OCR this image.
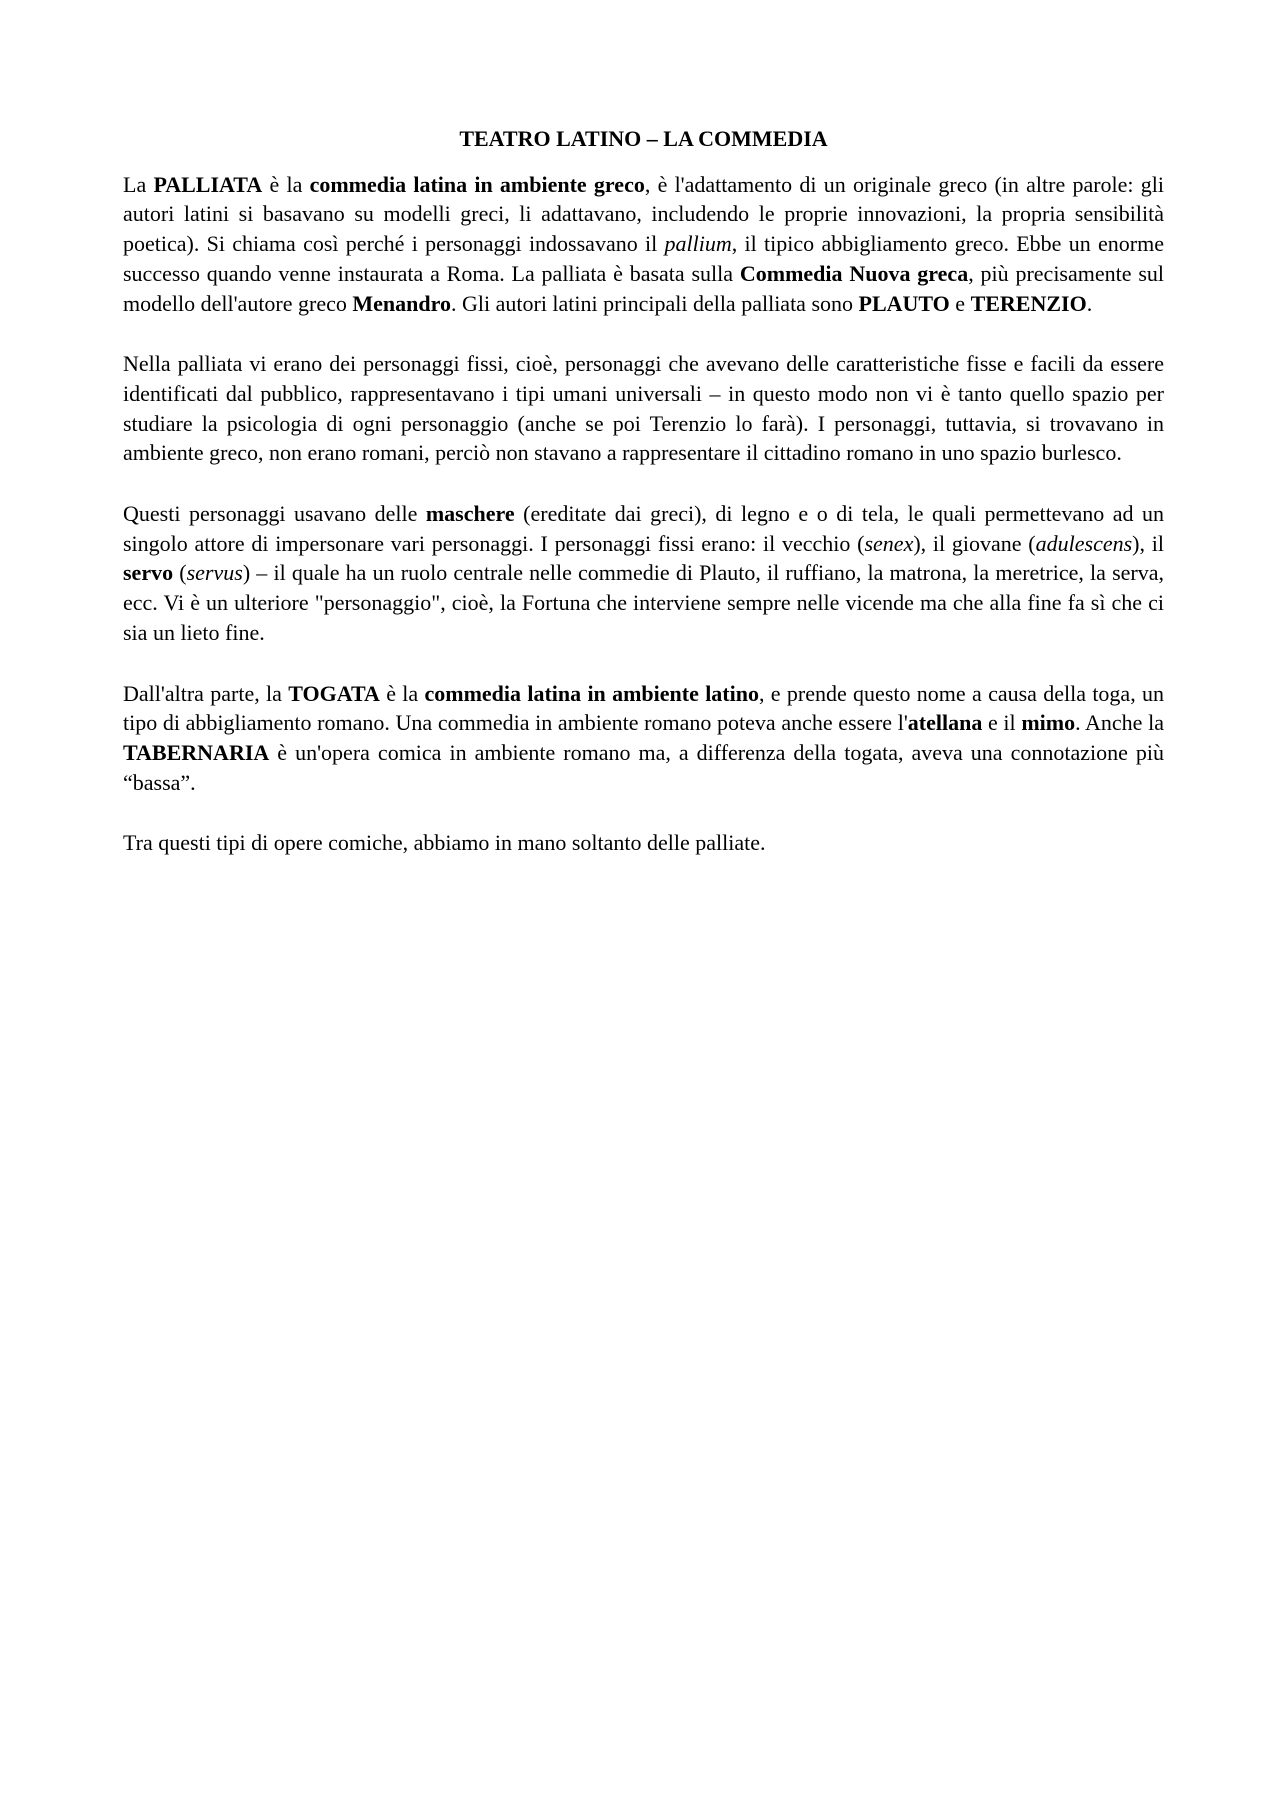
TEATRO LATINO – LA COMMEDIA

La PALLIATA è la commedia latina in ambiente greco, è l'adattamento di un originale greco (in altre parole: gli autori latini si basavano su modelli greci, li adattavano, includendo le proprie innovazioni, la propria sensibilità poetica). Si chiama così perché i personaggi indossavano il pallium, il tipico abbigliamento greco. Ebbe un enorme successo quando venne instaurata a Roma. La palliata è basata sulla Commedia Nuova greca, più precisamente sul modello dell'autore greco Menandro. Gli autori latini principali della palliata sono PLAUTO e TERENZIO.

Nella palliata vi erano dei personaggi fissi, cioè, personaggi che avevano delle caratteristiche fisse e facili da essere identificati dal pubblico, rappresentavano i tipi umani universali – in questo modo non vi è tanto quello spazio per studiare la psicologia di ogni personaggio (anche se poi Terenzio lo farà). I personaggi, tuttavia, si trovavano in ambiente greco, non erano romani, perciò non stavano a rappresentare il cittadino romano in uno spazio burlesco.

Questi personaggi usavano delle maschere (ereditate dai greci), di legno e o di tela, le quali permettevano ad un singolo attore di impersonare vari personaggi. I personaggi fissi erano: il vecchio (senex), il giovane (adulescens), il servo (servus) – il quale ha un ruolo centrale nelle commedie di Plauto, il ruffiano, la matrona, la meretrice, la serva, ecc. Vi è un ulteriore "personaggio", cioè, la Fortuna che interviene sempre nelle vicende ma che alla fine fa sì che ci sia un lieto fine.

Dall'altra parte, la TOGATA è la commedia latina in ambiente latino, e prende questo nome a causa della toga, un tipo di abbigliamento romano. Una commedia in ambiente romano poteva anche essere l'atellana e il mimo. Anche la TABERNARIA è un'opera comica in ambiente romano ma, a differenza della togata, aveva una connotazione più “bassa”.

Tra questi tipi di opere comiche, abbiamo in mano soltanto delle palliate.
